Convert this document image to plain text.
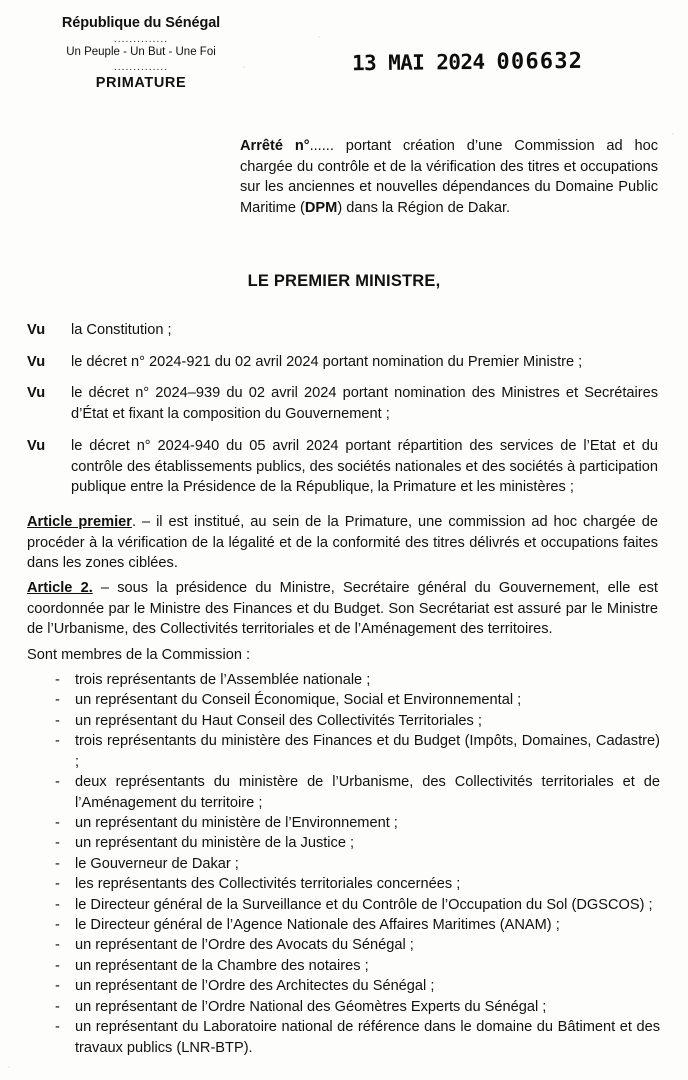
République du Sénégal
..............
Un Peuple - Un But - Une Foi
..............
PRIMATURE
13 MAI 2024 006632
Arrêté n°...... portant création d’une Commission ad hoc chargée du contrôle et de la vérification des titres et occupations sur les anciennes et nouvelles dépendances du Domaine Public Maritime (DPM) dans la Région de Dakar.
LE PREMIER MINISTRE,
Vu	la Constitution ;
Vu	le décret n° 2024-921 du 02 avril 2024 portant nomination du Premier Ministre ;
Vu	le décret n° 2024–939 du 02 avril 2024 portant nomination des Ministres et Secrétaires d’État et fixant la composition du Gouvernement ;
Vu	le décret n° 2024-940 du 05 avril 2024 portant répartition des services de l’Etat et du contrôle des établissements publics, des sociétés nationales et des sociétés à participation publique entre la Présidence de la République, la Primature et les ministères ;
Article premier. – il est institué, au sein de la Primature, une commission ad hoc chargée de procéder à la vérification de la légalité et de la conformité des titres délivrés et occupations faites dans les zones ciblées.
Article 2. – sous la présidence du Ministre, Secrétaire général du Gouvernement, elle est coordonnée par le Ministre des Finances et du Budget. Son Secrétariat est assuré par le Ministre de l’Urbanisme, des Collectivités territoriales et de l’Aménagement des territoires.
Sont membres de la Commission :
-	trois représentants de l’Assemblée nationale ;
-	un représentant du Conseil Économique, Social et Environnemental ;
-	un représentant du Haut Conseil des Collectivités Territoriales ;
-	trois représentants du ministère des Finances et du Budget (Impôts, Domaines, Cadastre) ;
-	deux représentants du ministère de l’Urbanisme, des Collectivités territoriales et de l’Aménagement du territoire ;
-	un représentant du ministère de l’Environnement ;
-	un représentant du ministère de la Justice ;
-	le Gouverneur de Dakar ;
-	les représentants des Collectivités territoriales concernées ;
-	le Directeur général de la Surveillance et du Contrôle de l’Occupation du Sol (DGSCOS) ;
-	le Directeur général de l’Agence Nationale des Affaires Maritimes (ANAM) ;
-	un représentant de l’Ordre des Avocats du Sénégal ;
-	un représentant de la Chambre des notaires ;
-	un représentant de l’Ordre des Architectes du Sénégal ;
-	un représentant de l’Ordre National des Géomètres Experts du Sénégal ;
-	un représentant du Laboratoire national de référence dans le domaine du Bâtiment et des travaux publics (LNR-BTP).
